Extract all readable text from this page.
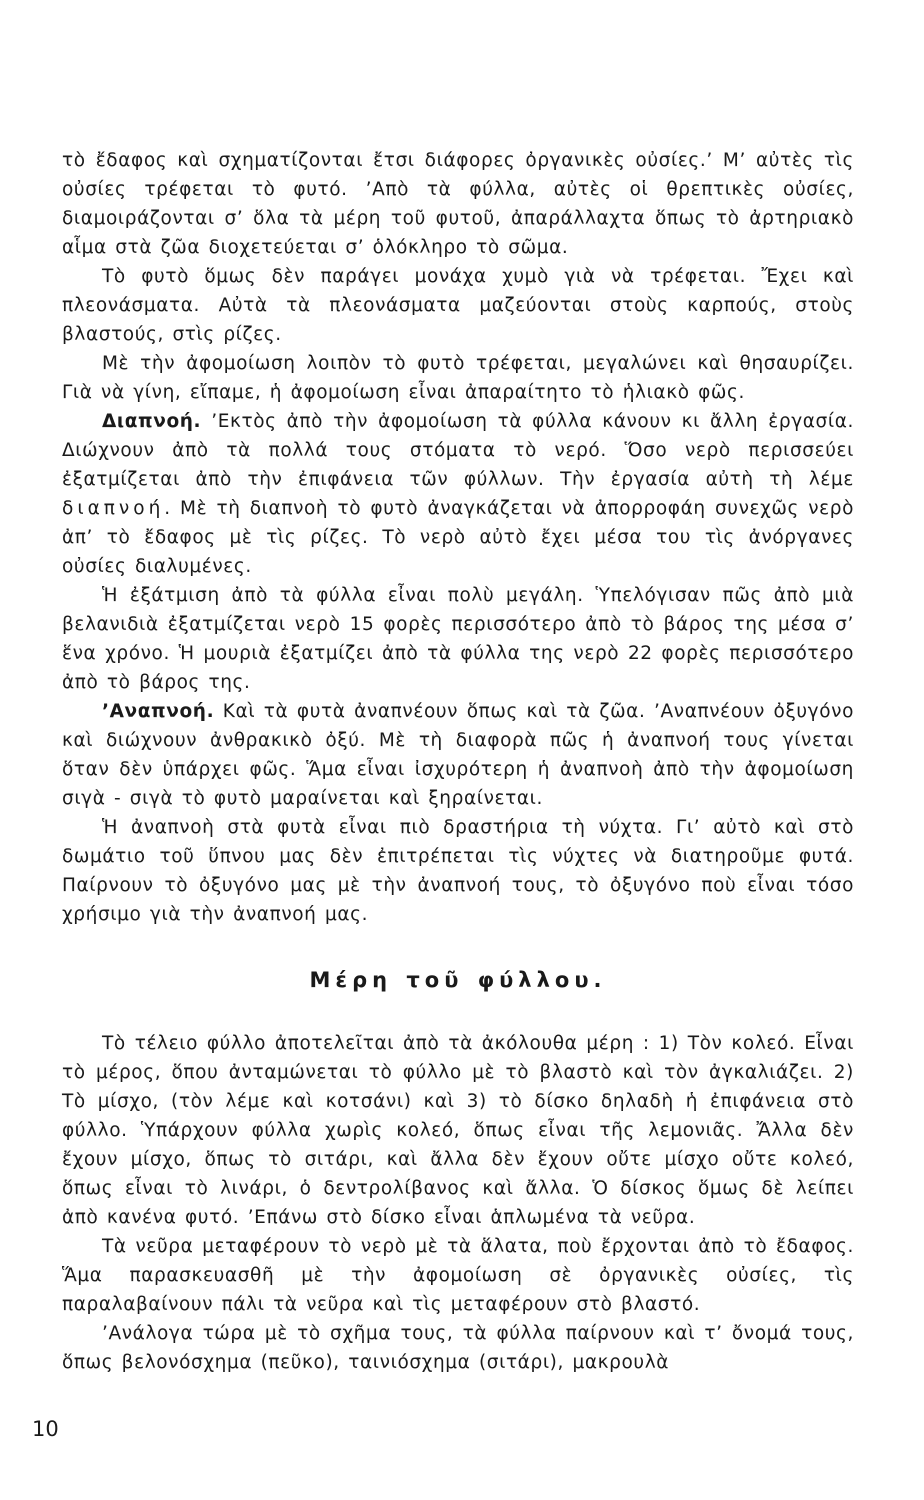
τὸ ἔδαφος καὶ σχηματίζονται ἔτσι διάφορες ὀργανικὲς οὐσίες.’ Μ’ αὐτὲς τὶς οὐσίες τρέφεται τὸ φυτό. ’Απὸ τὰ φύλλα, αὐτὲς οἱ θρεπτικὲς οὐσίες, διαμοιράζονται σ’ ὅλα τὰ μέρη τοῦ φυτοῦ, ἀπαράλλαχτα ὅπως τὸ ἀρτηριακὸ αἷμα στὰ ζῶα διοχετεύεται σ’ ὁλόκληρο τὸ σῶμα.

Τὸ φυτὸ ὅμως δὲν παράγει μονάχα χυμὸ γιὰ νὰ τρέφεται. Ἔχει καὶ πλεονάσματα. Αὐτὰ τὰ πλεονάσματα μαζεύονται στοὺς καρπούς, στοὺς βλαστούς, στὶς ρίζες.

Μὲ τὴν ἀφομοίωση λοιπὸν τὸ φυτὸ τρέφεται, μεγαλώνει καὶ θησαυρίζει. Γιὰ νὰ γίνη, εἴπαμε, ἡ ἀφομοίωση εἶναι ἀπαραίτητο τὸ ἡλιακὸ φῶς.

Διαπνοή. ’Εκτὸς ἀπὸ τὴν ἀφομοίωση τὰ φύλλα κάνουν κι ἄλλη ἐργασία. Διώχνουν ἀπὸ τὰ πολλά τους στόματα τὸ νερό. Ὅσο νερὸ περισσεύει ἐξατμίζεται ἀπὸ τὴν ἐπιφάνεια τῶν φύλλων. Τὴν ἐργασία αὐτὴ τὴ λέμε διαπνοή. Μὲ τὴ διαπνοὴ τὸ φυτὸ ἀναγκάζεται νὰ ἀπορροφάη συνεχῶς νερὸ ἀπ’ τὸ ἔδαφος μὲ τὶς ρίζες. Τὸ νερὸ αὐτὸ ἔχει μέσα του τὶς ἀνόργανες οὐσίες διαλυμένες.

Ἡ ἐξάτμιση ἀπὸ τὰ φύλλα εἶναι πολὺ μεγάλη. Ὑπελόγισαν πῶς ἀπὸ μιὰ βελανιδιὰ ἐξατμίζεται νερὸ 15 φορὲς περισσότερο ἀπὸ τὸ βάρος της μέσα σ’ ἕνα χρόνο. Ἡ μουριὰ ἐξατμίζει ἀπὸ τὰ φύλλα της νερὸ 22 φορὲς περισσότερο ἀπὸ τὸ βάρος της.

’Αναπνοή. Καὶ τὰ φυτὰ ἀναπνέουν ὅπως καὶ τὰ ζῶα. ’Αναπνέουν ὀξυγόνο καὶ διώχνουν ἀνθρακικὸ ὀξύ. Μὲ τὴ διαφορὰ πῶς ἡ ἀναπνοή τους γίνεται ὅταν δὲν ὑπάρχει φῶς. Ἅμα εἶναι ἰσχυρότερη ἡ ἀναπνοὴ ἀπὸ τὴν ἀφομοίωση σιγὰ - σιγὰ τὸ φυτὸ μαραίνεται καὶ ξηραίνεται.

Ἡ ἀναπνοὴ στὰ φυτὰ εἶναι πιὸ δραστήρια τὴ νύχτα. Γι’ αὐτὸ καὶ στὸ δωμάτιο τοῦ ὕπνου μας δὲν ἐπιτρέπεται τὶς νύχτες νὰ διατηροῦμε φυτά. Παίρνουν τὸ ὀξυγόνο μας μὲ τὴν ἀναπνοή τους, τὸ ὀξυγόνο ποὺ εἶναι τόσο χρήσιμο γιὰ τὴν ἀναπνοή μας.

Μέρη τοῦ φύλλου.

Τὸ τέλειο φύλλο ἀποτελεῖται ἀπὸ τὰ ἀκόλουθα μέρη : 1) Τὸν κολεό. Εἶναι τὸ μέρος, ὅπου ἀνταμώνεται τὸ φύλλο μὲ τὸ βλαστὸ καὶ τὸν ἀγκαλιάζει. 2) Τὸ μίσχο, (τὸν λέμε καὶ κοτσάνι) καὶ 3) τὸ δίσκο δηλαδὴ ἡ ἐπιφάνεια στὸ φύλλο. Ὑπάρχουν φύλλα χωρὶς κολεό, ὅπως εἶναι τῆς λεμονιᾶς. Ἄλλα δὲν ἔχουν μίσχο, ὅπως τὸ σιτάρι, καὶ ἄλλα δὲν ἔχουν οὔτε μίσχο οὔτε κολεό, ὅπως εἶναι τὸ λινάρι, ὁ δεντρολίβανος καὶ ἄλλα. Ὁ δίσκος ὅμως δὲ λείπει ἀπὸ κανένα φυτό. ’Επάνω στὸ δίσκο εἶναι ἁπλωμένα τὰ νεῦρα.

Τὰ νεῦρα μεταφέρουν τὸ νερὸ μὲ τὰ ἅλατα, ποὺ ἔρχονται ἀπὸ τὸ ἔδαφος. Ἅμα παρασκευασθῆ μὲ τὴν ἀφομοίωση σὲ ὀργανικὲς οὐσίες, τὶς παραλαβαίνουν πάλι τὰ νεῦρα καὶ τὶς μεταφέρουν στὸ βλαστό.

’Ανάλογα τώρα μὲ τὸ σχῆμα τους, τὰ φύλλα παίρνουν καὶ τ’ ὄνομά τους, ὅπως βελονόσχημα (πεῦκο), ταινιόσχημα (σιτάρι), μακρουλὰ

10
